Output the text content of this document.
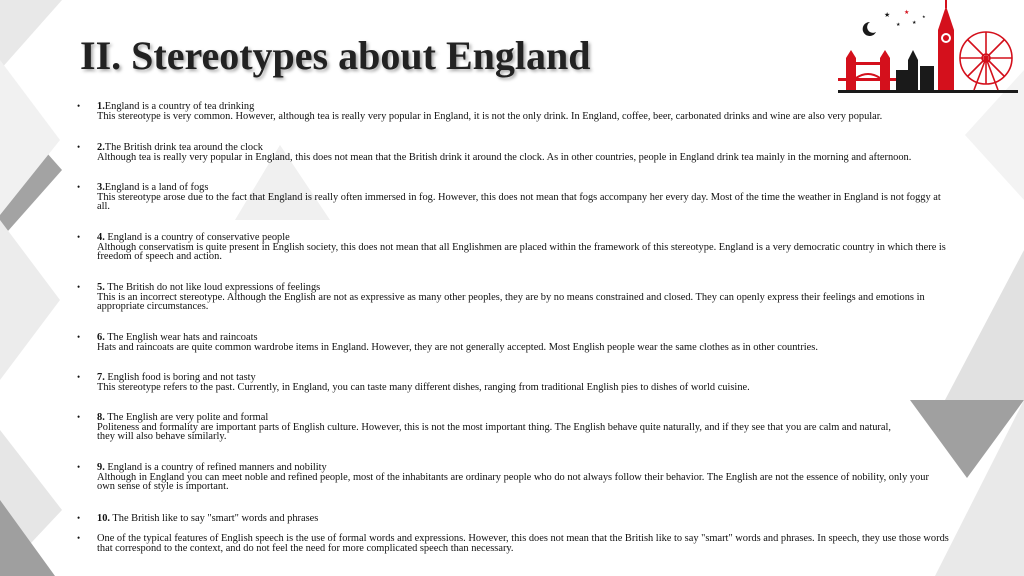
★
★
★
★
★
II. Stereotypes about England
• 1.England is a country of tea drinking
This stereotype is very common. However, although tea is really very popular in England, it is not the only drink. In England, coffee, beer, carbonated drinks and wine are also very popular.
• 2.The British drink tea around the clock
Although tea is really very popular in England, this does not mean that the British drink it around the clock. As in other countries, people in England drink tea mainly in the morning and afternoon.
• 3.England is a land of fogs
This stereotype arose due to the fact that England is really often immersed in fog. However, this does not mean that fogs accompany her every day. Most of the time the weather in England is not foggy at all.
• 4. England is a country of conservative people
Although conservatism is quite present in English society, this does not mean that all Englishmen are placed within the framework of this stereotype. England is a very democratic country in which there is freedom of speech and action.
• 5. The British do not like loud expressions of feelings
This is an incorrect stereotype. Although the English are not as expressive as many other peoples, they are by no means constrained and closed. They can openly express their feelings and emotions in appropriate circumstances.
• 6. The English wear hats and raincoats
Hats and raincoats are quite common wardrobe items in England. However, they are not generally accepted. Most English people wear the same clothes as in other countries.
• 7. English food is boring and not tasty
This stereotype refers to the past. Currently, in England, you can taste many different dishes, ranging from traditional English pies to dishes of world cuisine.
• 8. The English are very polite and formal
Politeness and formality are important parts of English culture. However, this is not the most important thing. The English behave quite naturally, and if they see that you are calm and natural, they will also behave similarly.
• 9. England is a country of refined manners and nobility
Although in England you can meet noble and refined people, most of the inhabitants are ordinary people who do not always follow their behavior. The English are not the essence of nobility, only your own sense of style is important.
• 10. The British like to say "smart" words and phrases
• One of the typical features of English speech is the use of formal words and expressions. However, this does not mean that the British like to say "smart" words and phrases. In speech, they use those words that correspond to the context, and do not feel the need for more complicated speech than necessary.
